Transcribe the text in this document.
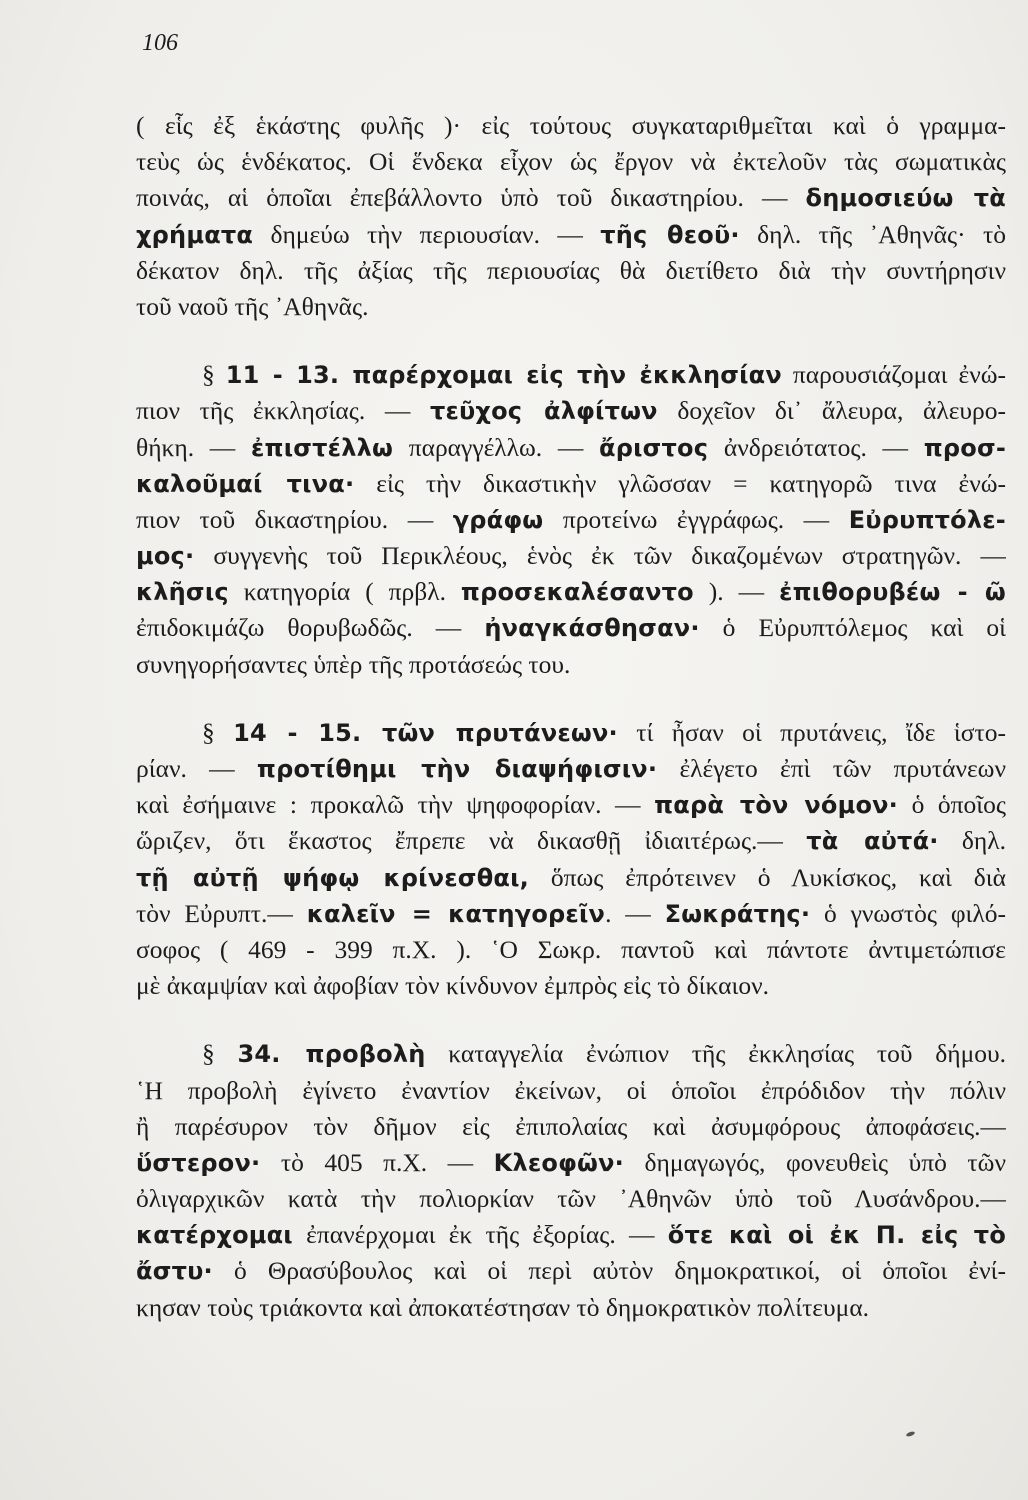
106
( εἷς ἐξ ἑκάστης φυλῆς )· εἰς τούτους συγκαταριθμεῖται καὶ ὁ γραμμα-
τεὺς ὡς ἑνδέκατος. Οἱ ἕνδεκα εἶχον ὡς ἔργον νὰ ἐκτελοῦν τὰς σωματικὰς
ποινάς, αἱ ὁποῖαι ἐπεβάλλοντο ὑπὸ τοῦ δικαστηρίου. — δημοσιεύω τὰ
χρήματα δημεύω τὴν περιουσίαν. — τῆς θεοῦ· δηλ. τῆς ᾿Αθηνᾶς· τὸ
δέκατον δηλ. τῆς ἀξίας τῆς περιουσίας θὰ διετίθετο διὰ τὴν συντήρησιν
τοῦ ναοῦ τῆς ᾿Αθηνᾶς.
§ 11 - 13. παρέρχομαι εἰς τὴν ἐκκλησίαν παρουσιάζομαι ἐνώ-
πιον τῆς ἐκκλησίας. — τεῦχος ἀλφίτων δοχεῖον δι᾿ ἄλευρα, ἀλευρο-
θήκη. — ἐπιστέλλω παραγγέλλω. — ἄριστος ἀνδρειότατος. — προσ-
καλοῦμαί τινα· εἰς τὴν δικαστικὴν γλῶσσαν = κατηγορῶ τινα ἐνώ-
πιον τοῦ δικαστηρίου. — γράφω προτείνω ἐγγράφως. — Εὐρυπτόλε-
μος· συγγενὴς τοῦ Περικλέους, ἑνὸς ἐκ τῶν δικαζομένων στρατηγῶν. —
κλῆσις κατηγορία ( πρβλ. προσεκαλέσαντο ). — ἐπιθορυβέω - ῶ
ἐπιδοκιμάζω θορυβωδῶς. — ἠναγκάσθησαν· ὁ Εὐρυπτόλεμος καὶ οἱ
συνηγορήσαντες ὑπὲρ τῆς προτάσεώς του.
§ 14 - 15. τῶν πρυτάνεων· τί ἦσαν οἱ πρυτάνεις, ἴδε ἱστο-
ρίαν. — προτίθημι τὴν διαψήφισιν· ἐλέγετο ἐπὶ τῶν πρυτάνεων
καὶ ἐσήμαινε : προκαλῶ τὴν ψηφοφορίαν. — παρὰ τὸν νόμον· ὁ ὁποῖος
ὥριζεν, ὅτι ἕκαστος ἔπρεπε νὰ δικασθῇ ἰδιαιτέρως.— τὰ αὐτά· δηλ.
τῇ αὐτῇ ψήφῳ κρίνεσθαι, ὅπως ἐπρότεινεν ὁ Λυκίσκος, καὶ διὰ
τὸν Εὐρυπτ.— καλεῖν = κατηγορεῖν. — Σωκράτης· ὁ γνωστὸς φιλό-
σοφος ( 469 - 399 π.Χ. ). ῾Ο Σωκρ. παντοῦ καὶ πάντοτε ἀντιμετώπισε
μὲ ἀκαμψίαν καὶ ἀφοβίαν τὸν κίνδυνον ἐμπρὸς εἰς τὸ δίκαιον.
§ 34. προβολὴ καταγγελία ἐνώπιον τῆς ἐκκλησίας τοῦ δήμου.
῾Η προβολὴ ἐγίνετο ἐναντίον ἐκείνων, οἱ ὁποῖοι ἐπρόδιδον τὴν πόλιν
ἢ παρέσυρον τὸν δῆμον εἰς ἐπιπολαίας καὶ ἀσυμφόρους ἀποφάσεις.—
ὕστερον· τὸ 405 π.Χ. — Κλεοφῶν· δημαγωγός, φονευθεὶς ὑπὸ τῶν
ὀλιγαρχικῶν κατὰ τὴν πολιορκίαν τῶν ᾿Αθηνῶν ὑπὸ τοῦ Λυσάνδρου.—
κατέρχομαι ἐπανέρχομαι ἐκ τῆς ἐξορίας. — ὅτε καὶ οἱ ἐκ Π. εἰς τὸ
ἄστυ· ὁ Θρασύβουλος καὶ οἱ περὶ αὐτὸν δημοκρατικοί, οἱ ὁποῖοι ἐνί-
κησαν τοὺς τριάκοντα καὶ ἀποκατέστησαν τὸ δημοκρατικὸν πολίτευμα.
